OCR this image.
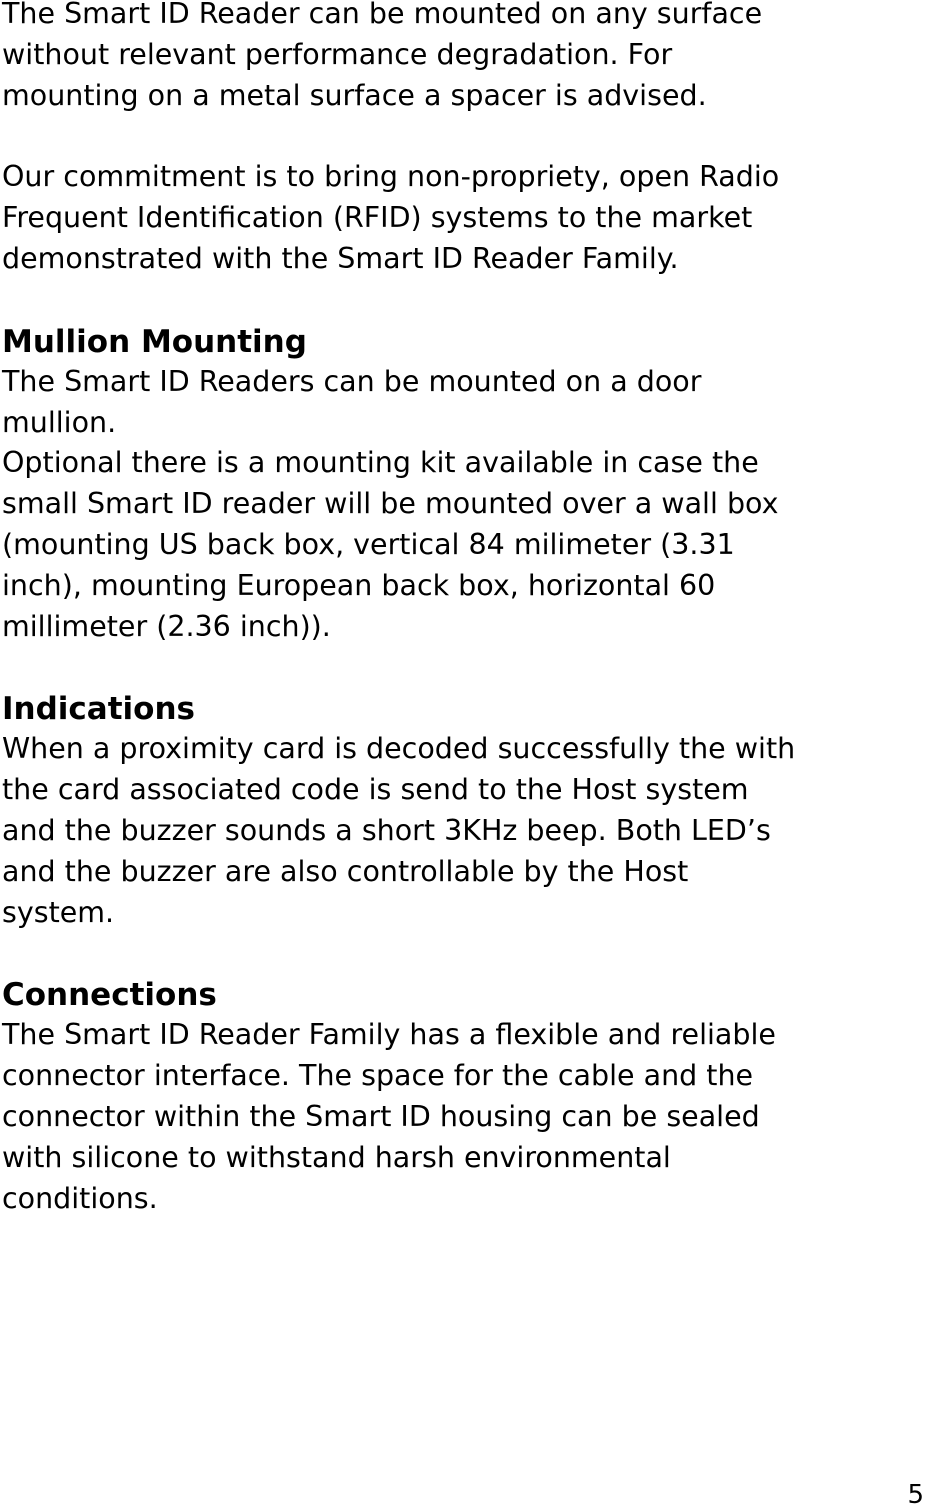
The Smart ID Reader can be mounted on any surface
without relevant performance degradation. For
mounting on a metal surface a spacer is advised.

Our commitment is to bring non-propriety, open Radio
Frequent Identification (RFID) systems to the market
demonstrated with the Smart ID Reader Family.

Mullion Mounting

The Smart ID Readers can be mounted on a door
mullion.

Optional there is a mounting kit available in case the
small Smart ID reader will be mounted over a wall box
(mounting US back box, vertical 84 milimeter (3.31
inch), mounting European back box, horizontal 60
millimeter (2.36 inch)).

Indications

When a proximity card is decoded successfully the with
the card associated code is send to the Host system
and the buzzer sounds a short 3KHz beep. Both LED’s
and the buzzer are also controllable by the Host
system.

Connections

The Smart ID Reader Family has a flexible and reliable
connector interface. The space for the cable and the
connector within the Smart ID housing can be sealed
with silicone to withstand harsh environmental
conditions.

5
